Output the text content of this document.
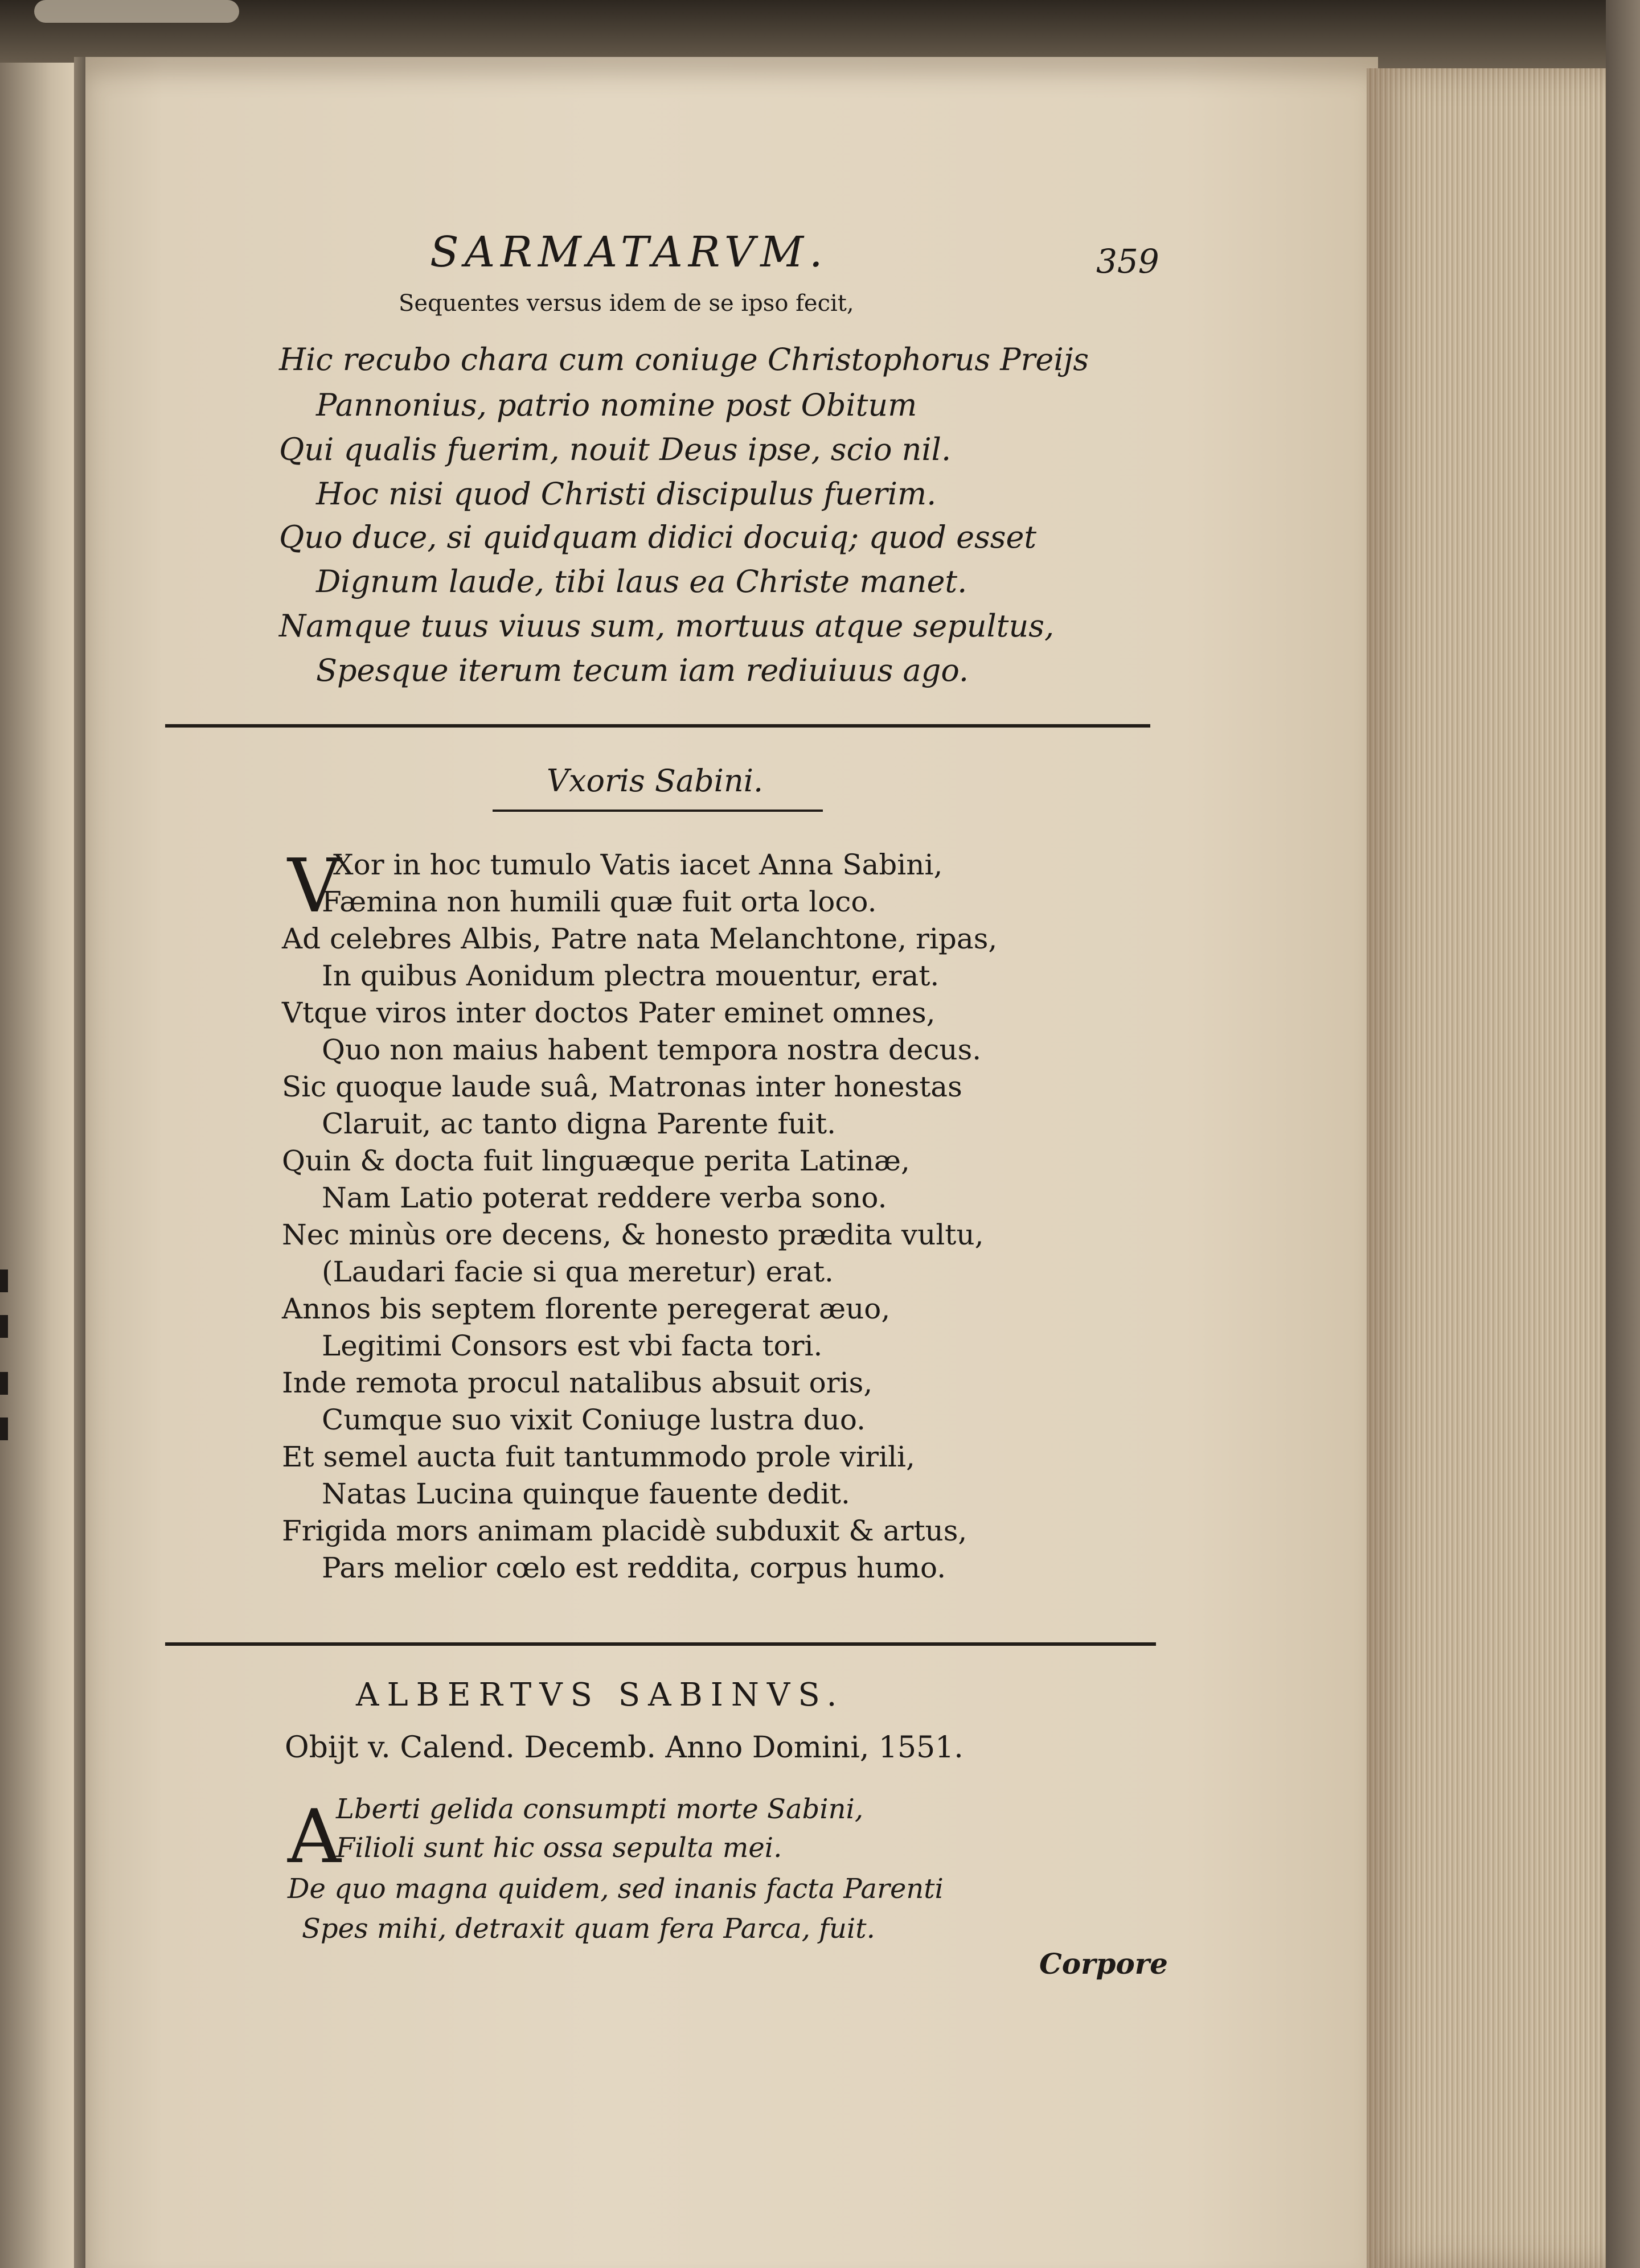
SARMATARVM.	359
Sequentes versus idem de se ipso fecit,
Hic recubo chara cum coniuge Christophorus Preijs
Pannonius, patrio nomine post Obitum
Qui qualis fuerim, nouit Deus ipse, scio nil.
Hoc nisi quod Christi discipulus fuerim.
Quo duce, si quidquam didici docuiq; quod esset
Dignum laude, tibi laus ea Christe manet.
Namque tuus viuus sum, mortuus atque sepultus,
Spesque iterum tecum iam rediuiuus ago.
Vxoris Sabini.
V
Xor in hoc tumulo Vatis iacet Anna Sabini,
Fæmina non humili quæ fuit orta loco.
Ad celebres Albis, Patre nata Melanchtone, ripas,
In quibus Aonidum plectra mouentur, erat.
Vtque viros inter doctos Pater eminet omnes,
Quo non maius habent tempora nostra decus.
Sic quoque laude suâ, Matronas inter honestas
Claruit, ac tanto digna Parente fuit.
Quin & docta fuit linguæque perita Latinæ,
Nam Latio poterat reddere verba sono.
Nec minùs ore decens, & honesto prædita vultu,
(Laudari facie si qua meretur) erat.
Annos bis septem florente peregerat æuo,
Legitimi Consors est vbi facta tori.
Inde remota procul natalibus absuit oris,
Cumque suo vixit Coniuge lustra duo.
Et semel aucta fuit tantummodo prole virili,
Natas Lucina quinque fauente dedit.
Frigida mors animam placidè subduxit & artus,
Pars melior cœlo est reddita, corpus humo.
ALBERTVS SABINVS.
Obijt v. Calend. Decemb. Anno Domini, 1551.
A
Lberti gelida consumpti morte Sabini,
Filioli sunt hic ossa sepulta mei.
De quo magna quidem, sed inanis facta Parenti
Spes mihi, detraxit quam fera Parca, fuit.
Corpore
